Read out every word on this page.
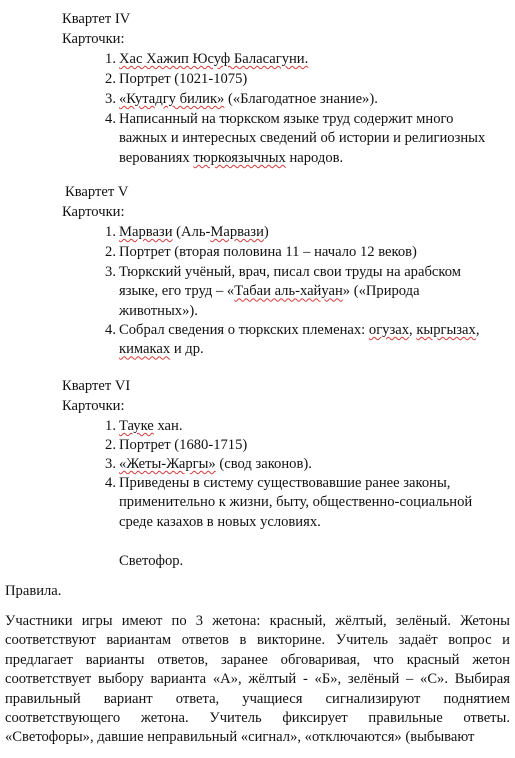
Квартет IV
Карточки:
1. Хас Хажип Юсуф Баласагуни.
2. Портрет (1021-1075)
3. «Кутадгу билик» («Благодатное знание»).
4. Написанный на тюркском языке труд содержит много важных и интересных сведений об истории и религиозных верованиях тюркоязычных народов.
Квартет V
Карточки:
1. Марвази (Аль-Марвази)
2. Портрет (вторая половина 11 – начало 12 веков)
3. Тюркский учёный, врач, писал свои труды на арабском языке, его труд – «Табаи аль-хайуан» («Природа животных»).
4. Собрал сведения о тюркских племенах: огузах, кыргызах, кимаках и др.
Квартет VI
Карточки:
1. Тауке хан.
2. Портрет (1680-1715)
3. «Жеты-Жаргы» (свод законов).
4. Приведены в систему существовавшие ранее законы, применительно к жизни, быту, общественно-социальной среде казахов в новых условиях.
Светофор.
Правила.
Участники игры имеют по 3 жетона: красный, жёлтый, зелёный. Жетоны соответствуют вариантам ответов в викторине. Учитель задаёт вопрос и предлагает варианты ответов, заранее обговаривая, что красный жетон соответствует выбору варианта «А», жёлтый - «Б», зелёный – «С». Выбирая правильный вариант ответа, учащиеся сигнализируют поднятием соответствующего жетона. Учитель фиксирует правильные ответы. «Светофоры», давшие неправильный «сигнал», «отключаются» (выбывают
